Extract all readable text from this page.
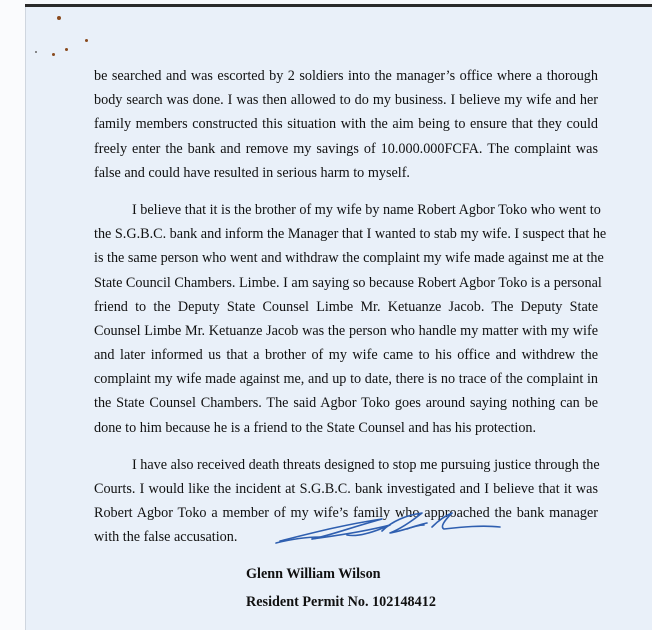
be searched and was escorted by 2 soldiers into the manager’s office where a thorough
body search was done. I was then allowed to do my business. I believe my wife and her
family members constructed this situation with the aim being to ensure that they could
freely enter the bank and remove my savings of 10.000.000FCFA. The complaint was
false and could have resulted in serious harm to myself.
I believe that it is the brother of my wife by name Robert Agbor Toko who went to
the S.G.B.C. bank and inform the Manager that I wanted to stab my wife. I suspect that he
is the same person who went and withdraw the complaint my wife made against me at the
State Council Chambers. Limbe. I am saying so because Robert Agbor Toko is a personal
friend to the Deputy State Counsel Limbe Mr. Ketuanze Jacob. The Deputy State
Counsel Limbe Mr. Ketuanze Jacob was the person who handle my matter with my wife
and later informed us that a brother of my wife came to his office and withdrew the
complaint my wife made against me, and up to date, there is no trace of the complaint in
the State Counsel Chambers. The said Agbor Toko goes around saying nothing can be
done to him because he is a friend to the State Counsel and has his protection.
I have also received death threats designed to stop me pursuing justice through the
Courts. I would like the incident at S.G.B.C. bank investigated and I believe that it was
Robert Agbor Toko a member of my wife’s family who approached the bank manager
with the false accusation.
Glenn William Wilson
Resident Permit No. 102148412
